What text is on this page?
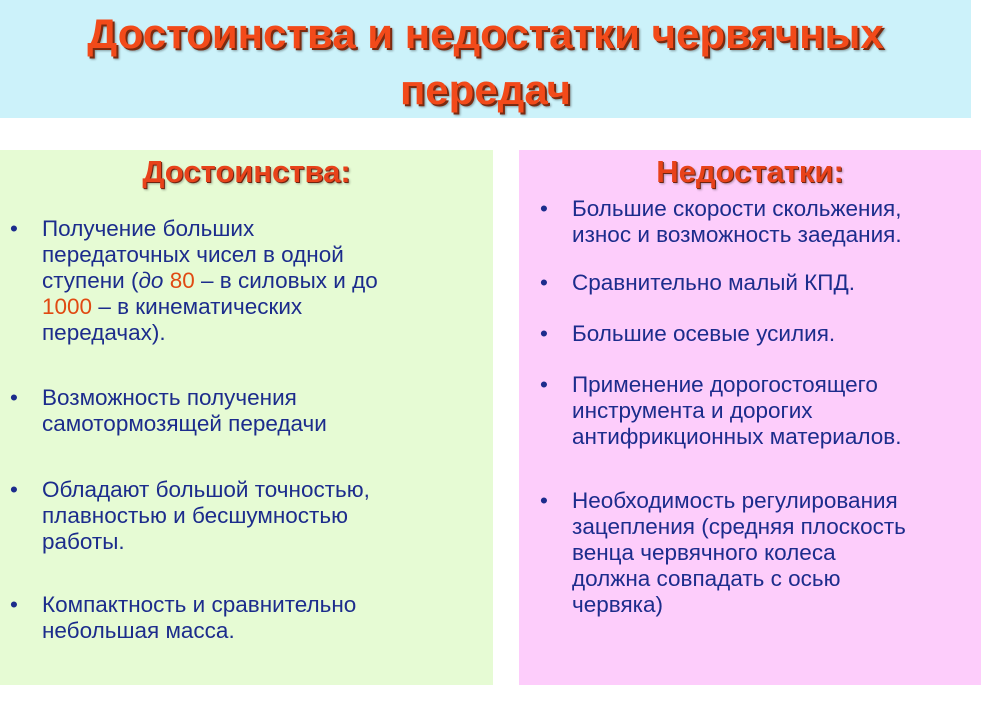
Достоинства и недостатки червячных
передач
Достоинства:
• Получение больших
передаточных чисел в одной
ступени (до 80 – в силовых и до
1000 – в кинематических
передачах).
• Возможность получения
самотормозящей передачи
• Обладают большой точностью,
плавностью и бесшумностью
работы.
• Компактность и сравнительно
небольшая масса.
Недостатки:
• Большие скорости скольжения,
износ и возможность заедания.
• Сравнительно малый КПД.
• Большие осевые усилия.
• Применение дорогостоящего
инструмента и дорогих
антифрикционных материалов.
• Необходимость регулирования
зацепления (средняя плоскость
венца червячного колеса
должна совпадать с осью
червяка)
